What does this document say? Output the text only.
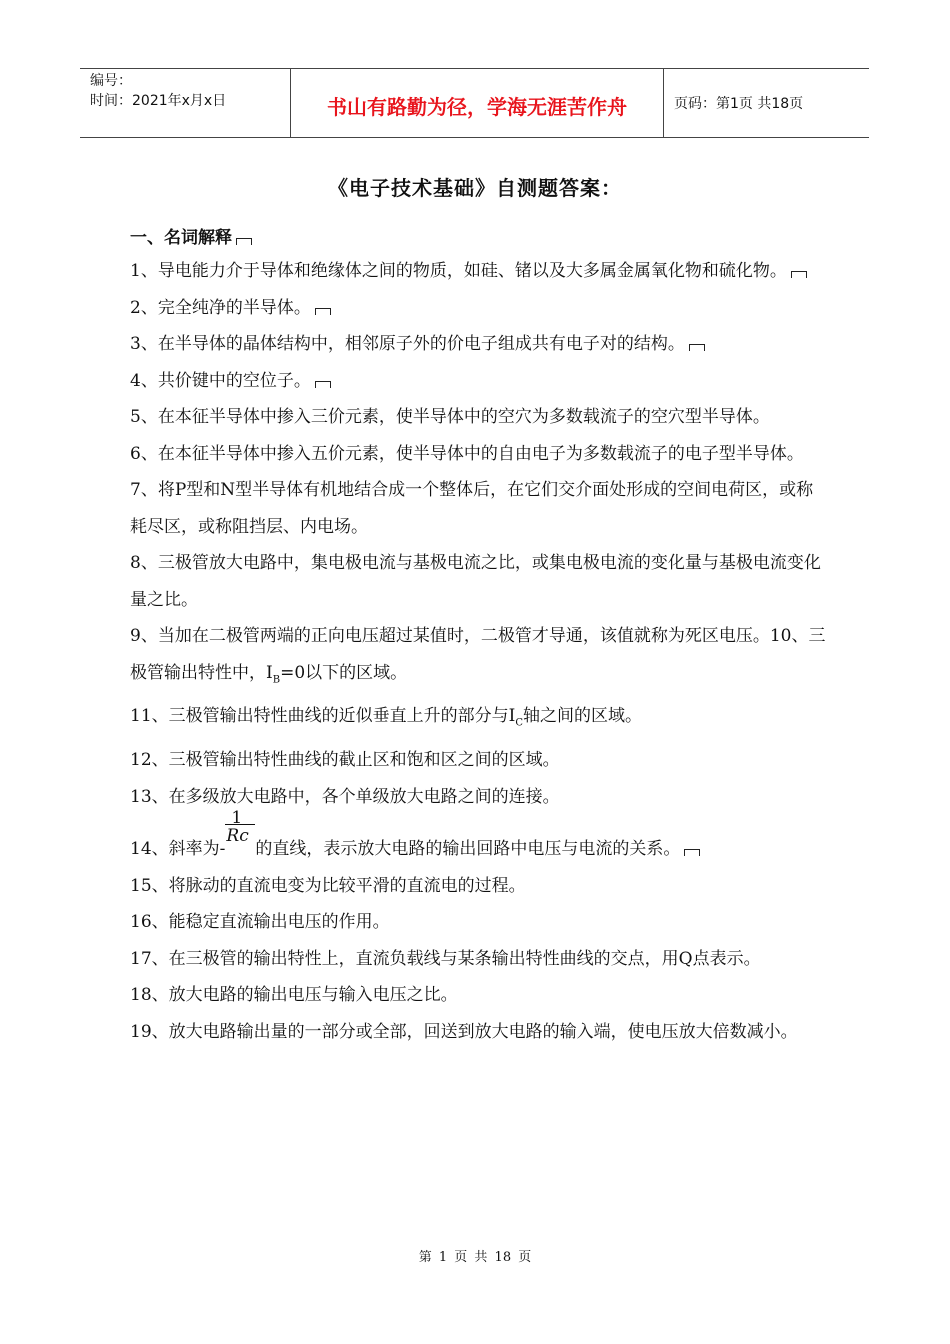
编号：
时间：2021年x月x日	书山有路勤为径，学海无涯苦作舟	页码：第1页 共18页
《电子技术基础》自测题答案：
一、名词解释

1、导电能力介于导体和绝缘体之间的物质，如硅、锗以及大多属金属氧化物和硫化物。

2、完全纯净的半导体。

3、在半导体的晶体结构中，相邻原子外的价电子组成共有电子对的结构。

4、共价键中的空位子。

5、在本征半导体中掺入三价元素，使半导体中的空穴为多数载流子的空穴型半导体。

6、在本征半导体中掺入五价元素，使半导体中的自由电子为多数载流子的电子型半导体。

7、将P型和N型半导体有机地结合成一个整体后，在它们交介面处形成的空间电荷区，或称耗尽区，或称阻挡层、内电场。

8、三极管放大电路中，集电极电流与基极电流之比，或集电极电流的变化量与基极电流变化量之比。

9、当加在二极管两端的正向电压超过某值时，二极管才导通，该值就称为死区电压。10、三极管输出特性中，$I_B=0$以下的区域。

11、三极管输出特性曲线的近似垂直上升的部分与$I_C$轴之间的区域。

12、三极管输出特性曲线的截止区和饱和区之间的区域。

13、在多级放大电路中，各个单级放大电路之间的连接。

14、斜率为-
1
Rc
的直线，表示放大电路的输出回路中电压与电流的关系。

15、将脉动的直流电变为比较平滑的直流电的过程。

16、能稳定直流输出电压的作用。

17、在三极管的输出特性上，直流负载线与某条输出特性曲线的交点，用Q点表示。

18、放大电路的输出电压与输入电压之比。

19、放大电路输出量的一部分或全部，回送到放大电路的输入端，使电压放大倍数减小。

第 1 页 共 18 页
